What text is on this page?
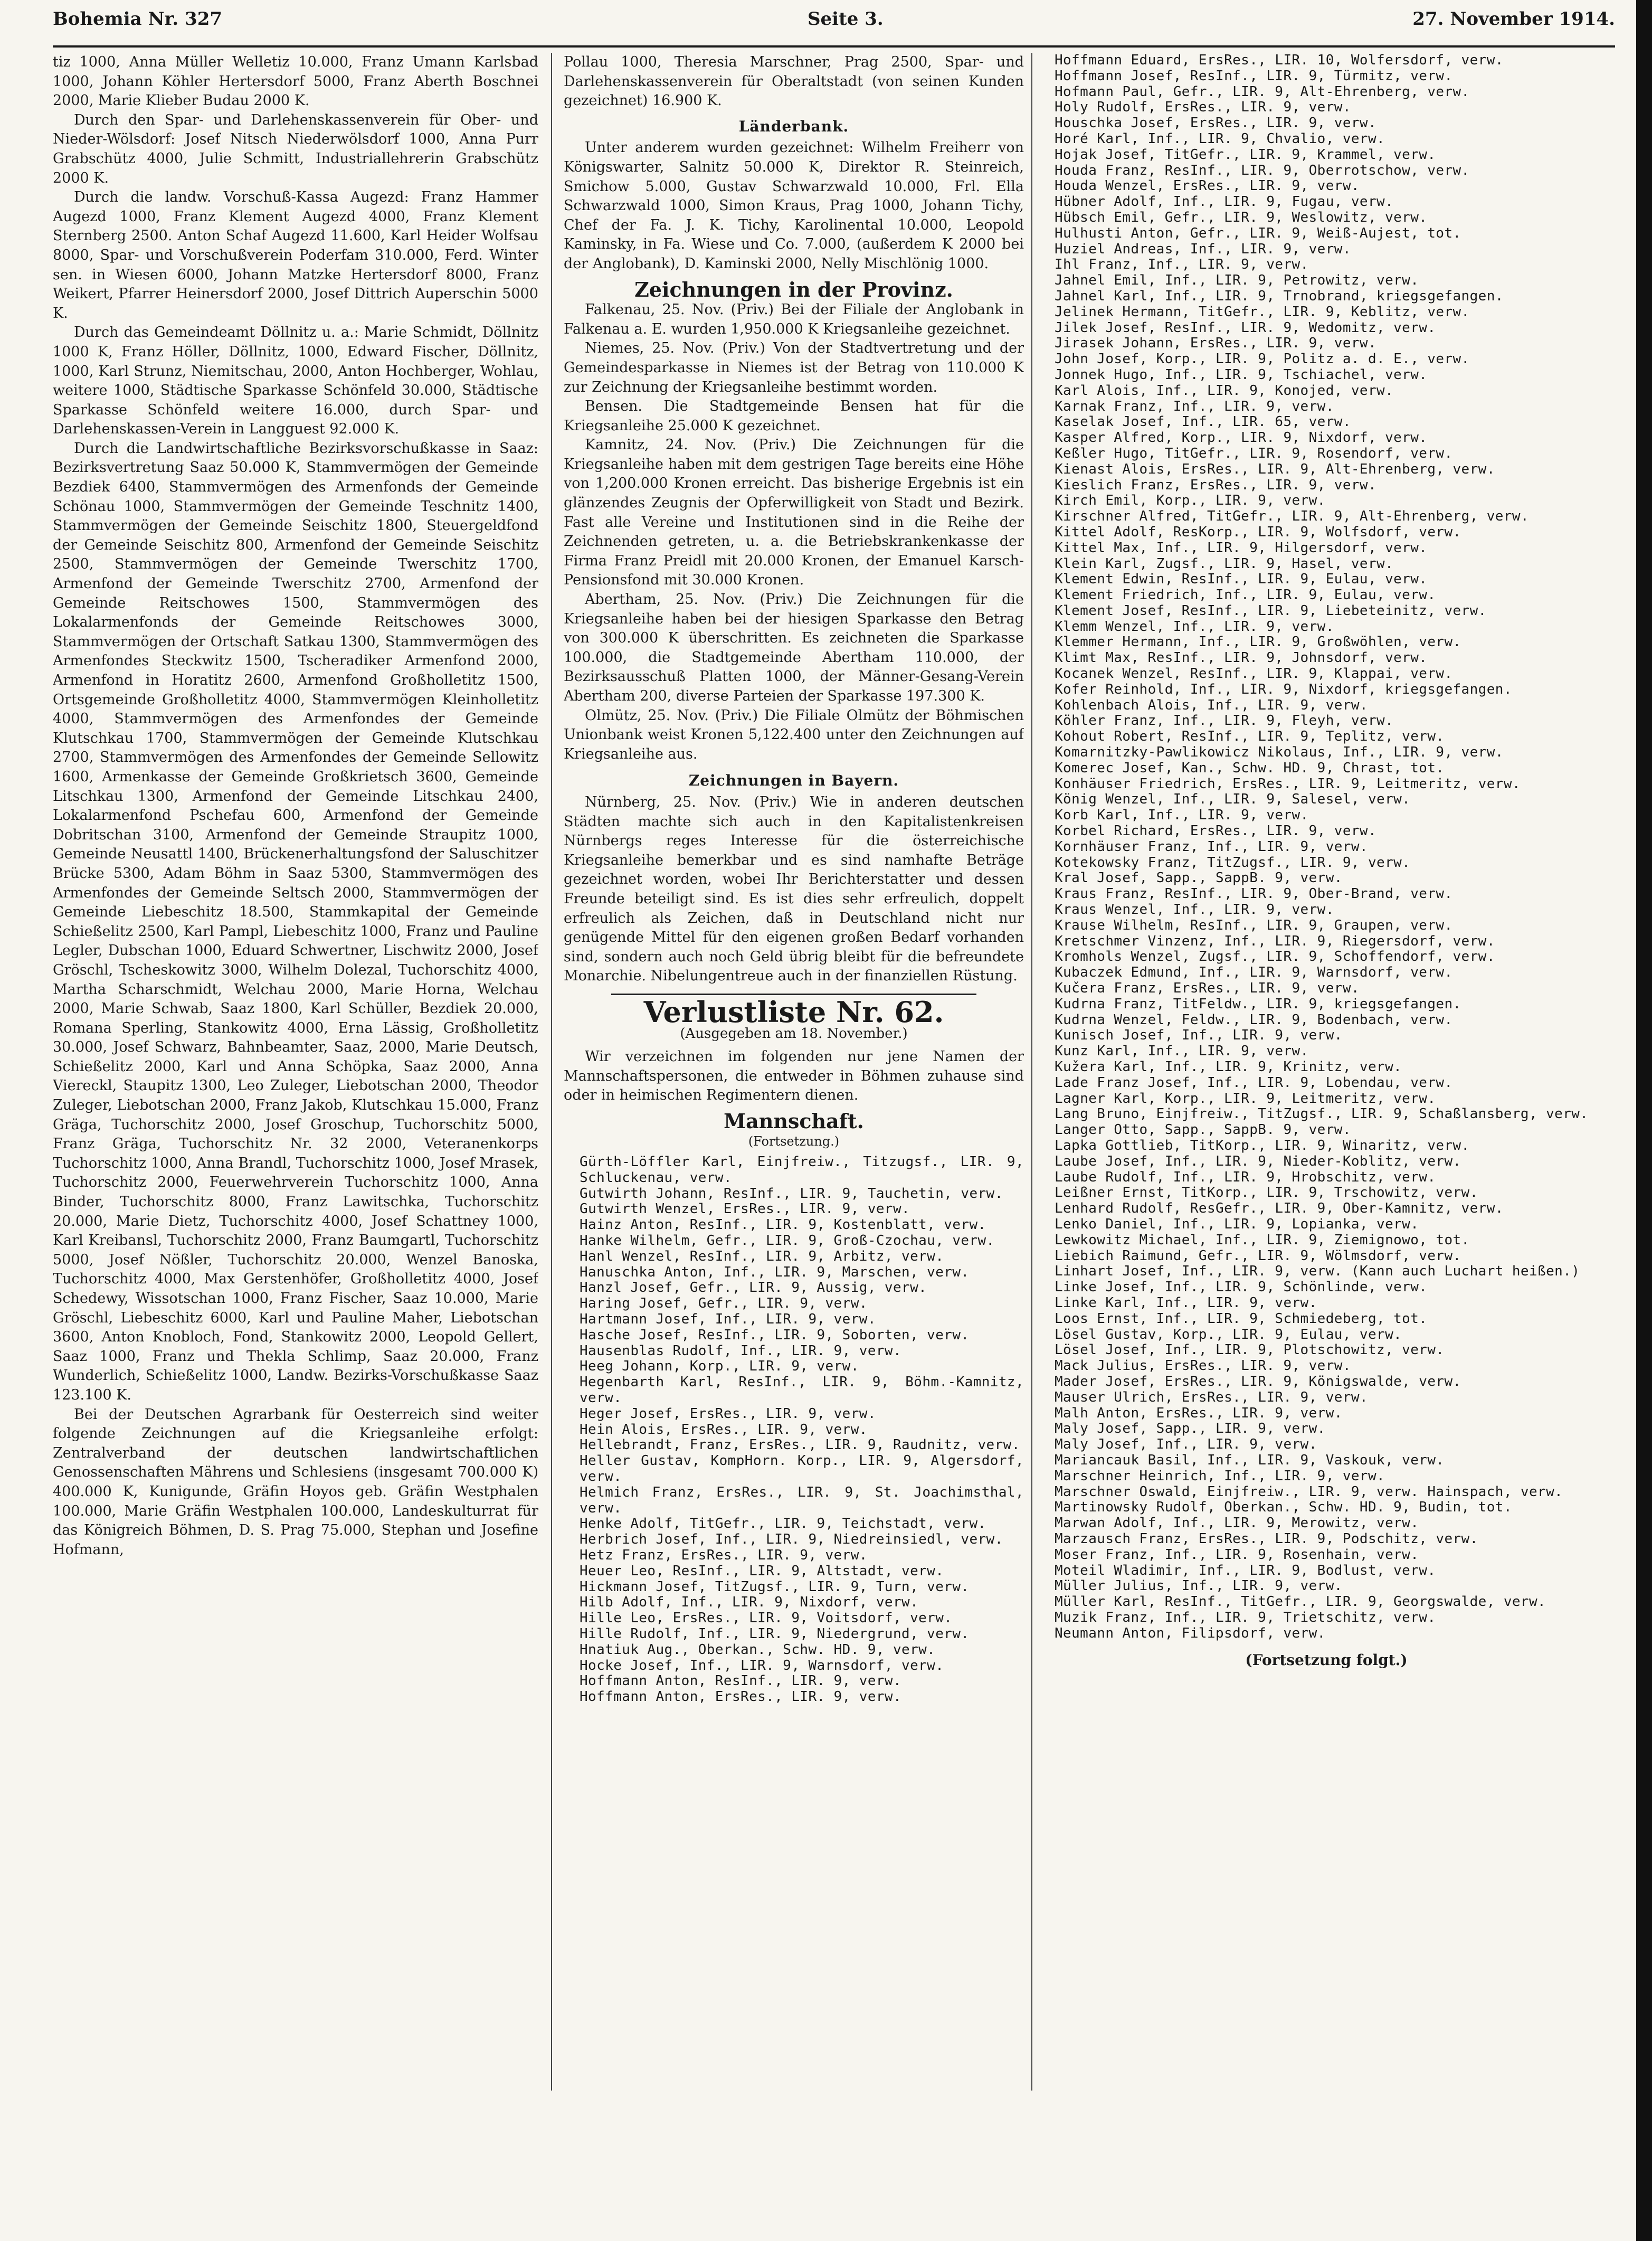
Bohemia Nr. 327	Seite 3.	27. November 1914.

tiz 1000, Anna Müller Welletiz 10.000, Franz Umann Karlsbad 1000, Johann Köhler Hertersdorf 5000, Franz Aberth Boschnei 2000, Marie Klieber Budau 2000 K.

Durch den Spar- und Darlehenskassenverein für Ober- und Nieder-Wölsdorf: Josef Nitsch Niederwölsdorf 1000, Anna Purr Grabschütz 4000, Julie Schmitt, Industriallehrerin Grabschütz 2000 K.

Durch die landw. Vorschuß-Kassa Augezd: Franz Hammer Augezd 1000, Franz Klement Augezd 4000, Franz Klement Sternberg 2500. Anton Schaf Augezd 11.600, Karl Heider Wolfsau 8000, Spar- und Vorschußverein Poderfam 310.000, Ferd. Winter sen. in Wiesen 6000, Johann Matzke Hertersdorf 8000, Franz Weikert, Pfarrer Heinersdorf 2000, Josef Dittrich Auperschin 5000 K.

Durch das Gemeindeamt Döllnitz u. a.: Marie Schmidt, Döllnitz 1000 K, Franz Höller, Döllnitz, 1000, Edward Fischer, Döllnitz, 1000, Karl Strunz, Niemitschau, 2000, Anton Hochberger, Wohlau, weitere 1000, Städtische Sparkasse Schönfeld 30.000, Städtische Sparkasse Schönfeld weitere 16.000, durch Spar- und Darlehenskassen-Verein in Langguest 92.000 K.

Durch die Landwirtschaftliche Bezirksvorschußkasse in Saaz: Bezirksvertretung Saaz 50.000 K, Stammvermögen der Gemeinde Bezdiek 6400, Stammvermögen des Armenfonds der Gemeinde Schönau 1000, Stammvermögen der Gemeinde Teschnitz 1400, Stammvermögen der Gemeinde Seischitz 1800, Steuergeldfond der Gemeinde Seischitz 800, Armenfond der Gemeinde Seischitz 2500, Stammvermögen der Gemeinde Twerschitz 1700, Armenfond der Gemeinde Twerschitz 2700, Armenfond der Gemeinde Reitschowes 1500, Stammvermögen des Lokalarmenfonds der Gemeinde Reitschowes 3000, Stammvermögen der Ortschaft Satkau 1300, Stammvermögen des Armenfondes Steckwitz 1500, Tscheradiker Armenfond 2000, Armenfond in Horatitz 2600, Armenfond Großholletitz 1500, Ortsgemeinde Großholletitz 4000, Stammvermögen Kleinholletitz 4000, Stammvermögen des Armenfondes der Gemeinde Klutschkau 1700, Stammvermögen der Gemeinde Klutschkau 2700, Stammvermögen des Armenfondes der Gemeinde Sellowitz 1600, Armenkasse der Gemeinde Großkrietsch 3600, Gemeinde Litschkau 1300, Armenfond der Gemeinde Litschkau 2400, Lokalarmenfond Pschefau 600, Armenfond der Gemeinde Dobritschan 3100, Armenfond der Gemeinde Straupitz 1000, Gemeinde Neusattl 1400, Brückenerhaltungsfond der Saluschitzer Brücke 5300, Adam Böhm in Saaz 5300, Stammvermögen des Armenfondes der Gemeinde Seltsch 2000, Stammvermögen der Gemeinde Liebeschitz 18.500, Stammkapital der Gemeinde Schießelitz 2500, Karl Pampl, Liebeschitz 1000, Franz und Pauline Legler, Dubschan 1000, Eduard Schwertner, Lischwitz 2000, Josef Gröschl, Tscheskowitz 3000, Wilhelm Dolezal, Tuchorschitz 4000, Martha Scharschmidt, Welchau 2000, Marie Horna, Welchau 2000, Marie Schwab, Saaz 1800, Karl Schüller, Bezdiek 20.000, Romana Sperling, Stankowitz 4000, Erna Lässig, Großholletitz 30.000, Josef Schwarz, Bahnbeamter, Saaz, 2000, Marie Deutsch, Schießelitz 2000, Karl und Anna Schöpka, Saaz 2000, Anna Viereckl, Staupitz 1300, Leo Zuleger, Liebotschan 2000, Theodor Zuleger, Liebotschan 2000, Franz Jakob, Klutschkau 15.000, Franz Gräga, Tuchorschitz 2000, Josef Groschup, Tuchorschitz 5000, Franz Gräga, Tuchorschitz Nr. 32 2000, Veteranenkorps Tuchorschitz 1000, Anna Brandl, Tuchorschitz 1000, Josef Mrasek, Tuchorschitz 2000, Feuerwehrverein Tuchorschitz 1000, Anna Binder, Tuchorschitz 8000, Franz Lawitschka, Tuchorschitz 20.000, Marie Dietz, Tuchorschitz 4000, Josef Schattney 1000, Karl Kreibansl, Tuchorschitz 2000, Franz Baumgartl, Tuchorschitz 5000, Josef Nößler, Tuchorschitz 20.000, Wenzel Banoska, Tuchorschitz 4000, Max Gerstenhöfer, Großholletitz 4000, Josef Schedewy, Wissotschan 1000, Franz Fischer, Saaz 10.000, Marie Gröschl, Liebeschitz 6000, Karl und Pauline Maher, Liebotschan 3600, Anton Knobloch, Fond, Stankowitz 2000, Leopold Gellert, Saaz 1000, Franz und Thekla Schlimp, Saaz 20.000, Franz Wunderlich, Schießelitz 1000, Landw. Bezirks-Vorschußkasse Saaz 123.100 K.

Bei der Deutschen Agrarbank für Oesterreich sind weiter folgende Zeichnungen auf die Kriegsanleihe erfolgt: Zentralverband der deutschen landwirtschaftlichen Genossenschaften Mährens und Schlesiens (insgesamt 700.000 K) 400.000 K, Kunigunde, Gräfin Hoyos geb. Gräfin Westphalen 100.000, Marie Gräfin Westphalen 100.000, Landeskulturrat für das Königreich Böhmen, D. S. Prag 75.000, Stephan und Josefine Hofmann,

Pollau 1000, Theresia Marschner, Prag 2500, Spar- und Darlehenskassenverein für Oberaltstadt (von seinen Kunden gezeichnet) 16.900 K.

Länderbank.

Unter anderem wurden gezeichnet: Wilhelm Freiherr von Königswarter, Salnitz 50.000 K, Direktor R. Steinreich, Smichow 5.000, Gustav Schwarzwald 10.000, Frl. Ella Schwarzwald 1000, Simon Kraus, Prag 1000, Johann Tichy, Chef der Fa. J. K. Tichy, Karolinental 10.000, Leopold Kaminsky, in Fa. Wiese und Co. 7.000, (außerdem K 2000 bei der Anglobank), D. Kaminski 2000, Nelly Mischlönig 1000.

Zeichnungen in der Provinz.

Falkenau, 25. Nov. (Priv.) Bei der Filiale der Anglobank in Falkenau a. E. wurden 1,950.000 K Kriegsanleihe gezeichnet.

Niemes, 25. Nov. (Priv.) Von der Stadtvertretung und der Gemeindesparkasse in Niemes ist der Betrag von 110.000 K zur Zeichnung der Kriegsanleihe bestimmt worden.

Bensen. Die Stadtgemeinde Bensen hat für die Kriegsanleihe 25.000 K gezeichnet.

Kamnitz, 24. Nov. (Priv.) Die Zeichnungen für die Kriegsanleihe haben mit dem gestrigen Tage bereits eine Höhe von 1,200.000 Kronen erreicht. Das bisherige Ergebnis ist ein glänzendes Zeugnis der Opferwilligkeit von Stadt und Bezirk. Fast alle Vereine und Institutionen sind in die Reihe der Zeichnenden getreten, u. a. die Betriebskrankenkasse der Firma Franz Preidl mit 20.000 Kronen, der Emanuel Karsch-Pensionsfond mit 30.000 Kronen.

Abertham, 25. Nov. (Priv.) Die Zeichnungen für die Kriegsanleihe haben bei der hiesigen Sparkasse den Betrag von 300.000 K überschritten. Es zeichneten die Sparkasse 100.000, die Stadtgemeinde Abertham 110.000, der Bezirksausschuß Platten 1000, der Männer-Gesang-Verein Abertham 200, diverse Parteien der Sparkasse 197.300 K.

Olmütz, 25. Nov. (Priv.) Die Filiale Olmütz der Böhmischen Unionbank weist Kronen 5,122.400 unter den Zeichnungen auf Kriegsanleihe aus.

Zeichnungen in Bayern.

Nürnberg, 25. Nov. (Priv.) Wie in anderen deutschen Städten machte sich auch in den Kapitalistenkreisen Nürnbergs reges Interesse für die österreichische Kriegsanleihe bemerkbar und es sind namhafte Beträge gezeichnet worden, wobei Ihr Berichterstatter und dessen Freunde beteiligt sind. Es ist dies sehr erfreulich, doppelt erfreulich als Zeichen, daß in Deutschland nicht nur genügende Mittel für den eigenen großen Bedarf vorhanden sind, sondern auch noch Geld übrig bleibt für die befreundete Monarchie. Nibelungentreue auch in der finanziellen Rüstung.

Verlustliste Nr. 62.
(Ausgegeben am 18. November.)

Wir verzeichnen im folgenden nur jene Namen der Mannschaftspersonen, die entweder in Böhmen zuhause sind oder in heimischen Regimentern dienen.

Mannschaft.
(Fortsetzung.)

Gürth-Löffler Karl, Einjfreiw., Titzugsf., LIR. 9, Schluckenau, verw.

Gutwirth Johann, ResInf., LIR. 9, Tauchetin, verw.

Gutwirth Wenzel, ErsRes., LIR. 9, verw.

Hainz Anton, ResInf., LIR. 9, Kostenblatt, verw.

Hanke Wilhelm, Gefr., LIR. 9, Groß-Czochau, verw.

Hanl Wenzel, ResInf., LIR. 9, Arbitz, verw.

Hanuschka Anton, Inf., LIR. 9, Marschen, verw.

Hanzl Josef, Gefr., LIR. 9, Aussig, verw.

Haring Josef, Gefr., LIR. 9, verw.

Hartmann Josef, Inf., LIR. 9, verw.

Hasche Josef, ResInf., LIR. 9, Soborten, verw.

Hausenblas Rudolf, Inf., LIR. 9, verw.

Heeg Johann, Korp., LIR. 9, verw.

Hegenbarth Karl, ResInf., LIR. 9, Böhm.-Kamnitz, verw.

Heger Josef, ErsRes., LIR. 9, verw.

Hein Alois, ErsRes., LIR. 9, verw.

Hellebrandt, Franz, ErsRes., LIR. 9, Raudnitz, verw.

Heller Gustav, KompHorn. Korp., LIR. 9, Algersdorf, verw.

Helmich Franz, ErsRes., LIR. 9, St. Joachimsthal, verw.

Henke Adolf, TitGefr., LIR. 9, Teichstadt, verw.

Herbrich Josef, Inf., LIR. 9, Niedreinsiedl, verw.

Hetz Franz, ErsRes., LIR. 9, verw.

Heuer Leo, ResInf., LIR. 9, Altstadt, verw.

Hickmann Josef, TitZugsf., LIR. 9, Turn, verw.

Hilb Adolf, Inf., LIR. 9, Nixdorf, verw.

Hille Leo, ErsRes., LIR. 9, Voitsdorf, verw.

Hille Rudolf, Inf., LIR. 9, Niedergrund, verw.

Hnatiuk Aug., Oberkan., Schw. HD. 9, verw.

Hocke Josef, Inf., LIR. 9, Warnsdorf, verw.

Hoffmann Anton, ResInf., LIR. 9, verw.

Hoffmann Anton, ErsRes., LIR. 9, verw.

Hoffmann Eduard, ErsRes., LIR. 10, Wolfersdorf, verw.

Hoffmann Josef, ResInf., LIR. 9, Türmitz, verw.

Hofmann Paul, Gefr., LIR. 9, Alt-Ehrenberg, verw.

Holy Rudolf, ErsRes., LIR. 9, verw.

Houschka Josef, ErsRes., LIR. 9, verw.

Horé Karl, Inf., LIR. 9, Chvalio, verw.

Hojak Josef, TitGefr., LIR. 9, Krammel, verw.

Houda Franz, ResInf., LIR. 9, Oberrotschow, verw.

Houda Wenzel, ErsRes., LIR. 9, verw.

Hübner Adolf, Inf., LIR. 9, Fugau, verw.

Hübsch Emil, Gefr., LIR. 9, Weslowitz, verw.

Hulhusti Anton, Gefr., LIR. 9, Weiß-Aujest, tot.

Huziel Andreas, Inf., LIR. 9, verw.

Ihl Franz, Inf., LIR. 9, verw.

Jahnel Emil, Inf., LIR. 9, Petrowitz, verw.

Jahnel Karl, Inf., LIR. 9, Trnobrand, kriegsgefangen.

Jelinek Hermann, TitGefr., LIR. 9, Keblitz, verw.

Jilek Josef, ResInf., LIR. 9, Wedomitz, verw.

Jirasek Johann, ErsRes., LIR. 9, verw.

John Josef, Korp., LIR. 9, Politz a. d. E., verw.

Jonnek Hugo, Inf., LIR. 9, Tschiachel, verw.

Karl Alois, Inf., LIR. 9, Konojed, verw.

Karnak Franz, Inf., LIR. 9, verw.

Kaselak Josef, Inf., LIR. 65, verw.

Kasper Alfred, Korp., LIR. 9, Nixdorf, verw.

Keßler Hugo, TitGefr., LIR. 9, Rosendorf, verw.

Kienast Alois, ErsRes., LIR. 9, Alt-Ehrenberg, verw.

Kieslich Franz, ErsRes., LIR. 9, verw.

Kirch Emil, Korp., LIR. 9, verw.

Kirschner Alfred, TitGefr., LIR. 9, Alt-Ehrenberg, verw.

Kittel Adolf, ResKorp., LIR. 9, Wolfsdorf, verw.

Kittel Max, Inf., LIR. 9, Hilgersdorf, verw.

Klein Karl, Zugsf., LIR. 9, Hasel, verw.

Klement Edwin, ResInf., LIR. 9, Eulau, verw.

Klement Friedrich, Inf., LIR. 9, Eulau, verw.

Klement Josef, ResInf., LIR. 9, Liebeteinitz, verw.

Klemm Wenzel, Inf., LIR. 9, verw.

Klemmer Hermann, Inf., LIR. 9, Großwöhlen, verw.

Klimt Max, ResInf., LIR. 9, Johnsdorf, verw.

Kocanek Wenzel, ResInf., LIR. 9, Klappai, verw.

Kofer Reinhold, Inf., LIR. 9, Nixdorf, kriegsgefangen.

Kohlenbach Alois, Inf., LIR. 9, verw.

Köhler Franz, Inf., LIR. 9, Fleyh, verw.

Kohout Robert, ResInf., LIR. 9, Teplitz, verw.

Komarnitzky-Pawlikowicz Nikolaus, Inf., LIR. 9, verw.

Komerec Josef, Kan., Schw. HD. 9, Chrast, tot.

Konhäuser Friedrich, ErsRes., LIR. 9, Leitmeritz, verw.

König Wenzel, Inf., LIR. 9, Salesel, verw.

Korb Karl, Inf., LIR. 9, verw.

Korbel Richard, ErsRes., LIR. 9, verw.

Kornhäuser Franz, Inf., LIR. 9, verw.

Kotekowsky Franz, TitZugsf., LIR. 9, verw.

Kral Josef, Sapp., SappB. 9, verw.

Kraus Franz, ResInf., LIR. 9, Ober-Brand, verw.

Kraus Wenzel, Inf., LIR. 9, verw.

Krause Wilhelm, ResInf., LIR. 9, Graupen, verw.

Kretschmer Vinzenz, Inf., LIR. 9, Riegersdorf, verw.

Kromhols Wenzel, Zugsf., LIR. 9, Schoffendorf, verw.

Kubaczek Edmund, Inf., LIR. 9, Warnsdorf, verw.

Kučera Franz, ErsRes., LIR. 9, verw.

Kudrna Franz, TitFeldw., LIR. 9, kriegsgefangen.

Kudrna Wenzel, Feldw., LIR. 9, Bodenbach, verw.

Kunisch Josef, Inf., LIR. 9, verw.

Kunz Karl, Inf., LIR. 9, verw.

Kužera Karl, Inf., LIR. 9, Krinitz, verw.

Lade Franz Josef, Inf., LIR. 9, Lobendau, verw.

Lagner Karl, Korp., LIR. 9, Leitmeritz, verw.

Lang Bruno, Einjfreiw., TitZugsf., LIR. 9, Schaßlansberg, verw.

Langer Otto, Sapp., SappB. 9, verw.

Lapka Gottlieb, TitKorp., LIR. 9, Winaritz, verw.

Laube Josef, Inf., LIR. 9, Nieder-Koblitz, verw.

Laube Rudolf, Inf., LIR. 9, Hrobschitz, verw.

Leißner Ernst, TitKorp., LIR. 9, Trschowitz, verw.

Lenhard Rudolf, ResGefr., LIR. 9, Ober-Kamnitz, verw.

Lenko Daniel, Inf., LIR. 9, Lopianka, verw.

Lewkowitz Michael, Inf., LIR. 9, Ziemignowo, tot.

Liebich Raimund, Gefr., LIR. 9, Wölmsdorf, verw.

Linhart Josef, Inf., LIR. 9, verw. (Kann auch Luchart heißen.)

Linke Josef, Inf., LIR. 9, Schönlinde, verw.

Linke Karl, Inf., LIR. 9, verw.

Loos Ernst, Inf., LIR. 9, Schmiedeberg, tot.

Lösel Gustav, Korp., LIR. 9, Eulau, verw.

Lösel Josef, Inf., LIR. 9, Plotschowitz, verw.

Mack Julius, ErsRes., LIR. 9, verw.

Mader Josef, ErsRes., LIR. 9, Königswalde, verw.

Mauser Ulrich, ErsRes., LIR. 9, verw.

Malh Anton, ErsRes., LIR. 9, verw.

Maly Josef, Sapp., LIR. 9, verw.

Maly Josef, Inf., LIR. 9, verw.

Mariancauk Basil, Inf., LIR. 9, Vaskouk, verw.

Marschner Heinrich, Inf., LIR. 9, verw.

Marschner Oswald, Einjfreiw., LIR. 9, verw. Hainspach, verw.

Martinowsky Rudolf, Oberkan., Schw. HD. 9, Budin, tot.

Marwan Adolf, Inf., LIR. 9, Merowitz, verw.

Marzausch Franz, ErsRes., LIR. 9, Podschitz, verw.

Moser Franz, Inf., LIR. 9, Rosenhain, verw.

Moteil Wladimir, Inf., LIR. 9, Bodlust, verw.

Müller Julius, Inf., LIR. 9, verw.

Müller Karl, ResInf., TitGefr., LIR. 9, Georgswalde, verw.

Muzik Franz, Inf., LIR. 9, Trietschitz, verw.

Neumann Anton, Filipsdorf, verw.

(Fortsetzung folgt.)
